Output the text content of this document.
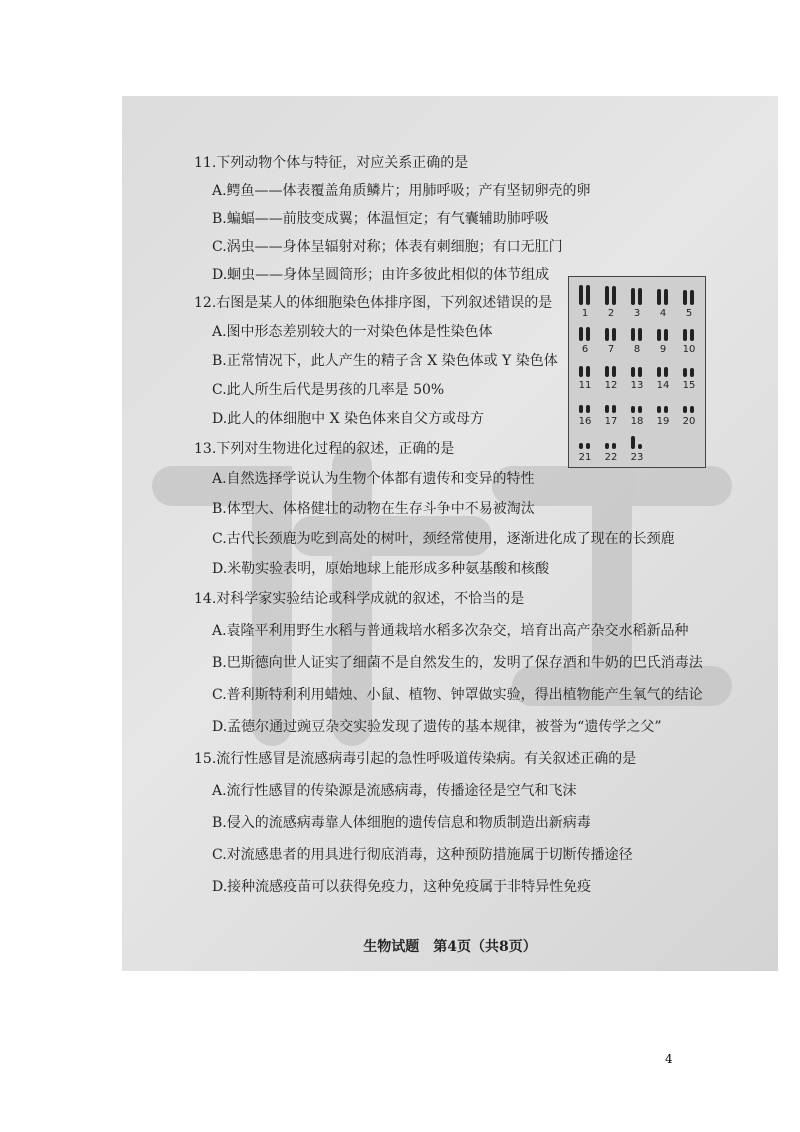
11.下列动物个体与特征，对应关系正确的是
A.鳄鱼——体表覆盖角质鳞片；用肺呼吸；产有坚韧卵壳的卵
B.蝙蝠——前肢变成翼；体温恒定；有气囊辅助肺呼吸
C.涡虫——身体呈辐射对称；体表有刺细胞；有口无肛门
D.蛔虫——身体呈圆筒形；由许多彼此相似的体节组成
12.右图是某人的体细胞染色体排序图，下列叙述错误的是
A.图中形态差别较大的一对染色体是性染色体
B.正常情况下，此人产生的精子含 X 染色体或 Y 染色体
C.此人所生后代是男孩的几率是 50%
D.此人的体细胞中 X 染色体来自父方或母方
1	2	3	4	5
6	7	8	9	10
11	12	13	14	15
16	17	18	19	20
21	22	23
13.下列对生物进化过程的叙述，正确的是
A.自然选择学说认为生物个体都有遗传和变异的特性
B.体型大、体格健壮的动物在生存斗争中不易被淘汰
C.古代长颈鹿为吃到高处的树叶，颈经常使用，逐渐进化成了现在的长颈鹿
D.米勒实验表明，原始地球上能形成多种氨基酸和核酸
14.对科学家实验结论或科学成就的叙述，不恰当的是
A.袁隆平利用野生水稻与普通栽培水稻多次杂交，培育出高产杂交水稻新品种
B.巴斯德向世人证实了细菌不是自然发生的，发明了保存酒和牛奶的巴氏消毒法
C.普利斯特利利用蜡烛、小鼠、植物、钟罩做实验，得出植物能产生氧气的结论
D.孟德尔通过豌豆杂交实验发现了遗传的基本规律，被誉为“遗传学之父”
15.流行性感冒是流感病毒引起的急性呼吸道传染病。有关叙述正确的是
A.流行性感冒的传染源是流感病毒，传播途径是空气和飞沫
B.侵入的流感病毒靠人体细胞的遗传信息和物质制造出新病毒
C.对流感患者的用具进行彻底消毒，这种预防措施属于切断传播途径
D.接种流感疫苗可以获得免疫力，这种免疫属于非特异性免疫
生物试题　第4页（共8页）
4
